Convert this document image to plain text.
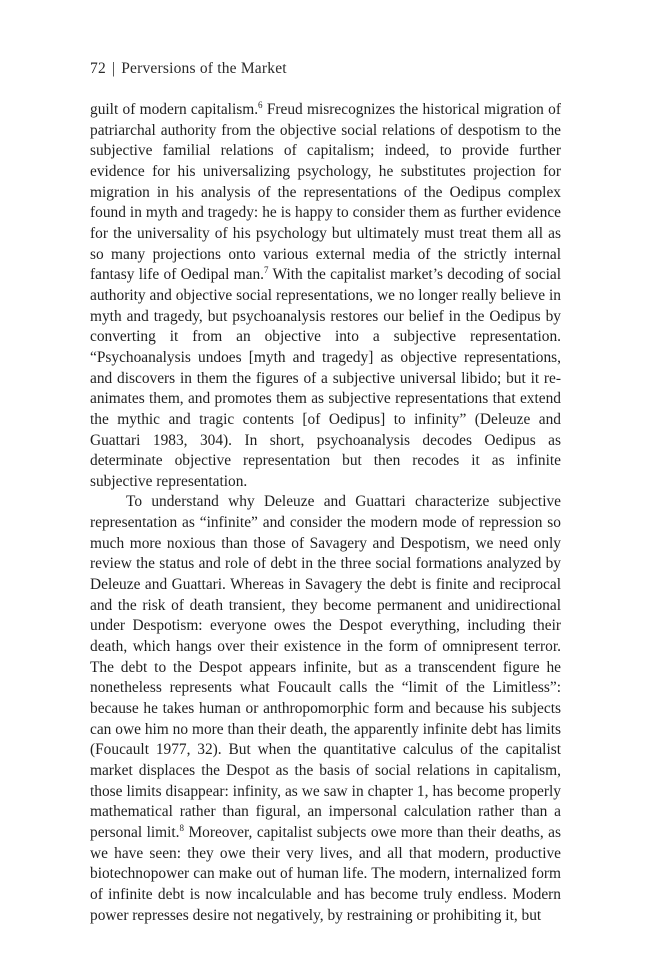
72 | Perversions of the Market

guilt of modern capitalism.$^6$ Freud misrecognizes the historical migration of patriarchal authority from the objective social relations of despotism to the subjective familial relations of capitalism; indeed, to provide further evidence for his universalizing psychology, he substitutes projection for migration in his analysis of the representations of the Oedipus complex found in myth and tragedy: he is happy to consider them as further evidence for the universality of his psychology but ultimately must treat them all as so many projections onto various external media of the strictly internal fantasy life of Oedipal man.$^7$ With the capitalist market’s decoding of social authority and objective social representations, we no longer really believe in myth and tragedy, but psychoanalysis restores our belief in the Oedipus by converting it from an objective into a subjective representation. “Psychoanalysis undoes [myth and tragedy] as objective representations, and discovers in them the figures of a subjective universal libido; but it re-animates them, and promotes them as subjective representations that extend the mythic and tragic contents [of Oedipus] to infinity” (Deleuze and Guattari 1983, 304). In short, psychoanalysis decodes Oedipus as determinate objective representation but then recodes it as infinite subjective representation.

To understand why Deleuze and Guattari characterize subjective representation as “infinite” and consider the modern mode of repression so much more noxious than those of Savagery and Despotism, we need only review the status and role of debt in the three social formations analyzed by Deleuze and Guattari. Whereas in Savagery the debt is finite and reciprocal and the risk of death transient, they become permanent and unidirectional under Despotism: everyone owes the Despot everything, including their death, which hangs over their existence in the form of omnipresent terror. The debt to the Despot appears infinite, but as a transcendent figure he nonetheless represents what Foucault calls the “limit of the Limitless”: because he takes human or anthropomorphic form and because his subjects can owe him no more than their death, the apparently infinite debt has limits (Foucault 1977, 32). But when the quantitative calculus of the capitalist market displaces the Despot as the basis of social relations in capitalism, those limits disappear: infinity, as we saw in chapter 1, has become properly mathematical rather than figural, an impersonal calculation rather than a personal limit.$^8$ Moreover, capitalist subjects owe more than their deaths, as we have seen: they owe their very lives, and all that modern, productive biotechnopower can make out of human life. The modern, internalized form of infinite debt is now incalculable and has become truly endless. Modern power represses desire not negatively, by restraining or prohibiting it, but
